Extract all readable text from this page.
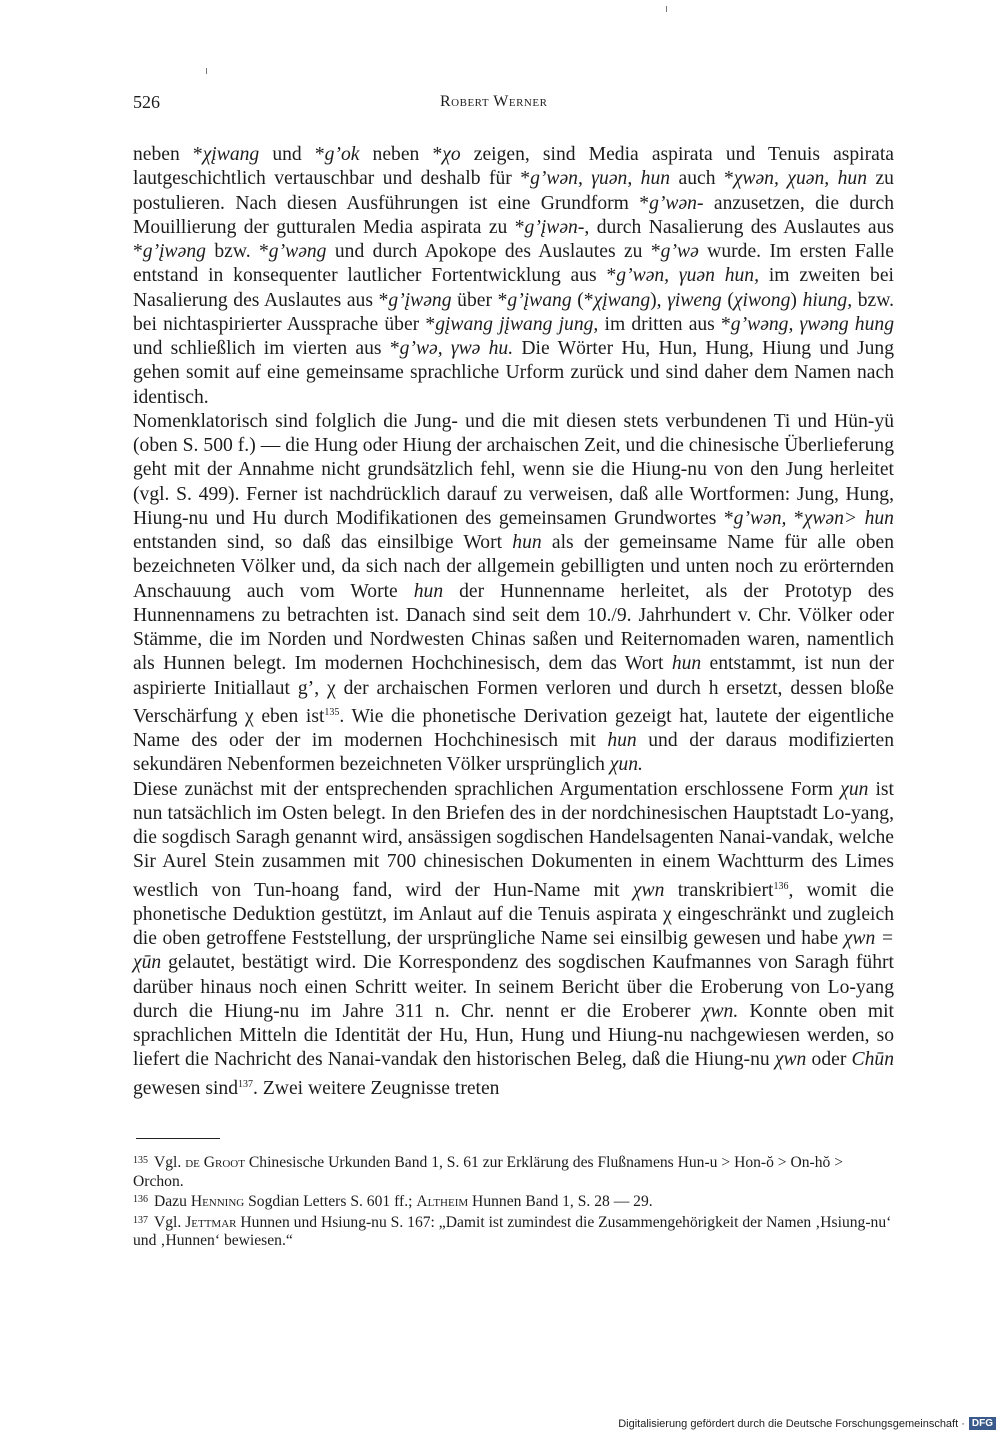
526	Robert Werner

neben *χįwang und *g’ok neben *χo zeigen, sind Media aspirata und Tenuis aspirata lautgeschichtlich vertauschbar und deshalb für *g’wən, γuən, hun auch *χwən, χuən, hun zu postulieren. Nach diesen Ausführungen ist eine Grundform *g’wən- anzusetzen, die durch Mouillierung der gutturalen Media aspirata zu *g’įwən-, durch Nasalierung des Auslautes aus *g’įwəng bzw. *g’wəng und durch Apokope des Auslautes zu *g’wə wurde. Im ersten Falle entstand in konsequenter lautlicher Fortentwicklung aus *g’wən, γuən hun, im zweiten bei Nasalierung des Auslautes aus *g’įwəng über *g’įwang (*χįwang), γiweng (χiwong) hiung, bzw. bei nichtaspirierter Aussprache über *gįwang jįwang jung, im dritten aus *g’wəng, γwəng hung und schließlich im vierten aus *g’wə, γwə hu. Die Wörter Hu, Hun, Hung, Hiung und Jung gehen somit auf eine gemeinsame sprachliche Urform zurück und sind daher dem Namen nach identisch.

Nomenklatorisch sind folglich die Jung- und die mit diesen stets verbundenen Ti und Hün-yü (oben S. 500 f.) — die Hung oder Hiung der archaischen Zeit, und die chinesische Überlieferung geht mit der Annahme nicht grundsätzlich fehl, wenn sie die Hiung-nu von den Jung herleitet (vgl. S. 499). Ferner ist nachdrücklich darauf zu verweisen, daß alle Wortformen: Jung, Hung, Hiung-nu und Hu durch Modifikationen des gemeinsamen Grundwortes *g’wən, *χwən> hun entstanden sind, so daß das einsilbige Wort hun als der gemeinsame Name für alle oben bezeichneten Völker und, da sich nach der allgemein gebilligten und unten noch zu erörternden Anschauung auch vom Worte hun der Hunnenname herleitet, als der Prototyp des Hunnennamens zu betrachten ist. Danach sind seit dem 10./9. Jahrhundert v. Chr. Völker oder Stämme, die im Norden und Nordwesten Chinas saßen und Reiternomaden waren, namentlich als Hunnen belegt. Im modernen Hochchinesisch, dem das Wort hun entstammt, ist nun der aspirierte Initiallaut g’, χ der archaischen Formen verloren und durch h ersetzt, dessen bloße Verschärfung χ eben ist$^{135}$. Wie die phonetische Derivation gezeigt hat, lautete der eigentliche Name des oder der im modernen Hochchinesisch mit hun und der daraus modifizierten sekundären Nebenformen bezeichneten Völker ursprünglich χun.

Diese zunächst mit der entsprechenden sprachlichen Argumentation erschlossene Form χun ist nun tatsächlich im Osten belegt. In den Briefen des in der nordchinesischen Hauptstadt Lo-yang, die sogdisch Saragh genannt wird, ansässigen sogdischen Handelsagenten Nanai-vandak, welche Sir Aurel Stein zusammen mit 700 chinesischen Dokumenten in einem Wachtturm des Limes westlich von Tun-hoang fand, wird der Hun-Name mit χwn transkribiert$^{136}$, womit die phonetische Deduktion gestützt, im Anlaut auf die Tenuis aspirata χ eingeschränkt und zugleich die oben getroffene Feststellung, der ursprüngliche Name sei einsilbig gewesen und habe χwn = χūn gelautet, bestätigt wird. Die Korrespondenz des sogdischen Kaufmannes von Saragh führt darüber hinaus noch einen Schritt weiter. In seinem Bericht über die Eroberung von Lo-yang durch die Hiung-nu im Jahre 311 n. Chr. nennt er die Eroberer χwn. Konnte oben mit sprachlichen Mitteln die Identität der Hu, Hun, Hung und Hiung-nu nachgewiesen werden, so liefert die Nachricht des Nanai-vandak den historischen Beleg, daß die Hiung-nu χwn oder Chūn gewesen sind$^{137}$. Zwei weitere Zeugnisse treten

$^{135}$ Vgl. de Groot Chinesische Urkunden Band 1, S. 61 zur Erklärung des Flußnamens Hun-u > Hon-ŏ > On-hŏ > Orchon.

$^{136}$ Dazu Henning Sogdian Letters S. 601 ff.; Altheim Hunnen Band 1, S. 28 — 29.

$^{137}$ Vgl. Jettmar Hunnen und Hsiung-nu S. 167: „Damit ist zumindest die Zusammengehörigkeit der Namen ‚Hsiung-nu‘ und ‚Hunnen‘ bewiesen.“

Digitalisierung gefördert durch die Deutsche Forschungsgemeinschaft · DFG
